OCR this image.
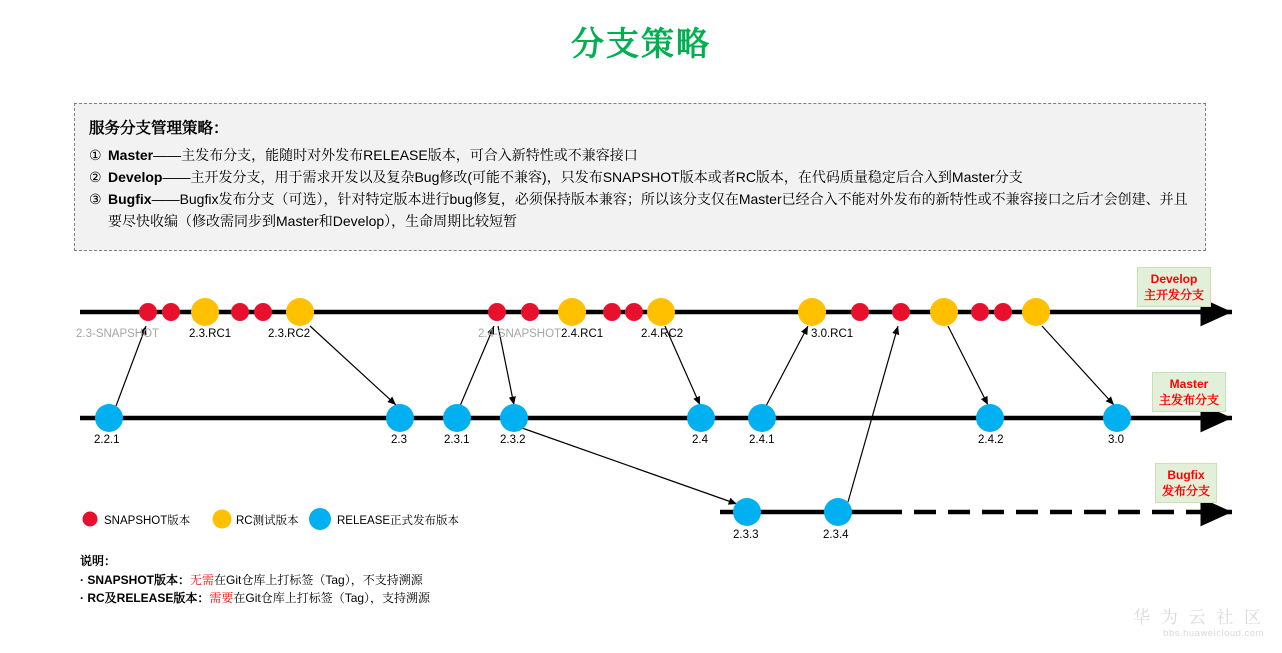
分支策略
服务分支管理策略：
① Master——主发布分支，能随时对外发布RELEASE版本，可合入新特性或不兼容接口
② Develop——主开发分支，用于需求开发以及复杂Bug修改(可能不兼容)，只发布SNAPSHOT版本或者RC版本，在代码质量稳定后合入到Master分支
③ Bugfix——Bugfix发布分支（可选），针对特定版本进行bug修复，必须保持版本兼容；所以该分支仅在Master已经合入不能对外发布的新特性或不兼容接口之后才会创建、并且要尽快收编（修改需同步到Master和Develop），生命周期比较短暂
2.3-SNAPSHOT	2.3.RC1	2.3.RC2	2.4-SNAPSHOT 2.4.RC1	2.4.RC2	3.0.RC1
2.2.1	2.3	2.3.1	2.3.2	2.4	2.4.1	2.4.2	3.0
2.3.3	2.3.4
Develop
主开发分支
Master
主发布分支
Bugfix
发布分支
SNAPSHOT版本	RC测试版本	RELEASE正式发布版本
说明：
· SNAPSHOT版本：无需在Git仓库上打标签（Tag），不支持溯源
· RC及RELEASE版本：需要在Git仓库上打标签（Tag），支持溯源
华 为 云 社 区
bbs.huaweicloud.com
